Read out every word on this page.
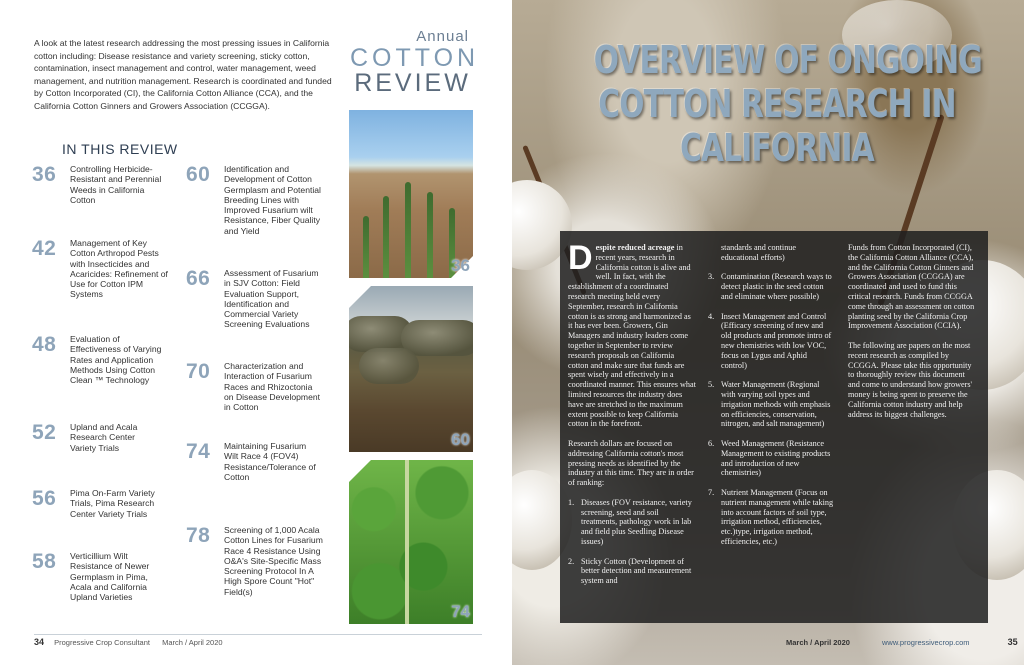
A look at the latest research addressing the most pressing issues in California cotton including: Disease resistance and variety screening, sticky cotton, contamination, insect management and control, water management, weed management, and nutrition management. Research is coordinated and funded by Cotton Incorporated (CI), the California Cotton Alliance (CCA), and the California Cotton Ginners and Growers Association (CCGGA).

IN THIS REVIEW
Annual
COTTON
REVIEW
36 Controlling Herbicide-Resistant and Perennial Weeds in California Cotton
42 Management of Key Cotton Arthropod Pests with Insecticides and Acaricides: Refinement of Use for Cotton IPM Systems
48 Evaluation of Effectiveness of Varying Rates and Application Methods Using Cotton Clean ™ Technology
52 Upland and Acala Research Center Variety Trials
56 Pima On-Farm Variety Trials, Pima Research Center Variety Trials
58 Verticillium Wilt Resistance of Newer Germplasm in Pima, Acala and California Upland Varieties
60 Identification and Development of Cotton Germplasm and Potential Breeding Lines with Improved Fusarium wilt Resistance, Fiber Quality and Yield
66 Assessment of Fusarium in SJV Cotton: Field Evaluation Support, Identification and Commercial Variety Screening Evaluations
70 Characterization and Interaction of Fusarium Races and Rhizoctonia on Disease Development in Cotton
74 Maintaining Fusarium Wilt Race 4 (FOV4) Resistance/Tolerance of Cotton
78 Screening of 1,000 Acala Cotton Lines for Fusarium Race 4 Resistance Using O&A's Site-Specific Mass Screening Protocol In A High Spore Count "Hot" Field(s)
36
60
74
34 Progressive Crop Consultant March / April 2020
OVERVIEW OF ONGOING
COTTON RESEARCH IN
CALIFORNIA

Despite reduced acreage in recent years, research in California cotton is alive and well. In fact, with the establishment of a coordinated research meeting held every September, research in California cotton is as strong and harmonized as it has ever been. Growers, Gin Managers and industry leaders come together in September to review research proposals on California cotton and make sure that funds are spent wisely and effectively in a coordinated manner. This ensures what limited resources the industry does have are stretched to the maximum extent possible to keep California cotton in the forefront.

Research dollars are focused on addressing California cotton's most pressing needs as identified by the industry at this time. They are in order of ranking:

1. Diseases (FOV resistance, variety screening, seed and soil treatments, pathology work in lab and field plus Seedling Disease issues)
2. Sticky Cotton (Development of better detection and measurement system and

standards and continue educational efforts)

3. Contamination (Research ways to detect plastic in the seed cotton and eliminate where possible)
4. Insect Management and Control (Efficacy screening of new and old products and promote intro of new chemistries with low VOC, focus on Lygus and Aphid control)
5. Water Management (Regional with varying soil types and irrigation methods with emphasis on efficiencies, conservation, nitrogen, and salt management)
6. Weed Management (Resistance Management to existing products and introduction of new chemistries)
7. Nutrient Management (Focus on nutrient management while taking into account factors of soil type, irrigation method, efficiencies, etc.)type, irrigation method, efficiencies, etc.)

Funds from Cotton Incorporated (CI), the California Cotton Alliance (CCA), and the California Cotton Ginners and Growers Association (CCGGA) are coordinated and used to fund this critical research. Funds from CCGGA come through an assessment on cotton planting seed by the California Crop Improvement Association (CCIA).

The following are papers on the most recent research as compiled by CCGGA. Please take this opportunity to thoroughly review this document and come to understand how growers' money is being spent to preserve the California cotton industry and help address its biggest challenges.

March / April 2020	www.progressivecrop.com	35
